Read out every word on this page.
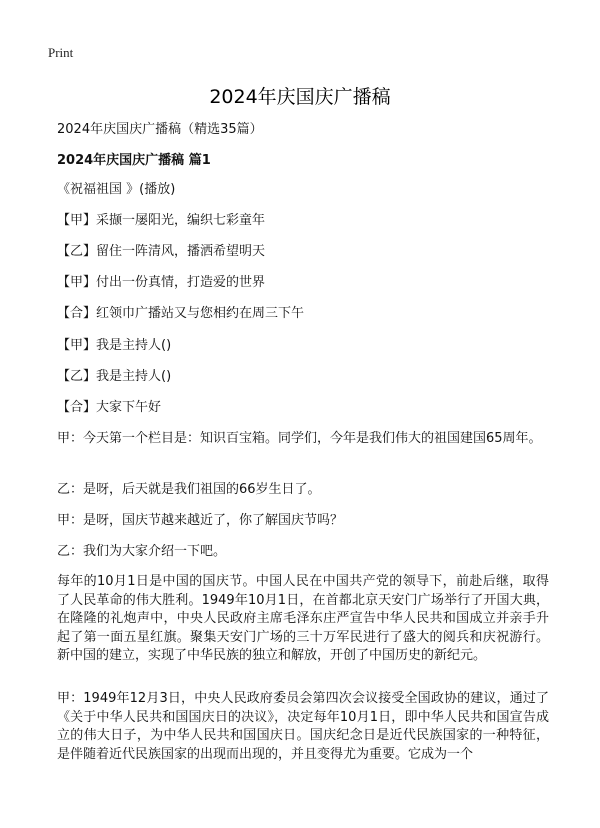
Print
2024年庆国庆广播稿
2024年庆国庆广播稿（精选35篇）
2024年庆国庆广播稿 篇1
《祝福祖国 》(播放)
【甲】采撷一屡阳光，编织七彩童年
【乙】留住一阵清风，播洒希望明天
【甲】付出一份真情，打造爱的世界
【合】红领巾广播站又与您相约在周三下午
【甲】我是主持人()
【乙】我是主持人()
【合】大家下午好

甲：今天第一个栏目是：知识百宝箱。同学们，今年是我们伟大的祖国建国65周年。

乙：是呀，后天就是我们祖国的66岁生日了。
甲：是呀，国庆节越来越近了，你了解国庆节吗？
乙：我们为大家介绍一下吧。

每年的10月1日是中国的国庆节。中国人民在中国共产党的领导下，前赴后继，取得了人民革命的伟大胜利。1949年10月1日，在首都北京天安门广场举行了开国大典，在隆隆的礼炮声中，中央人民政府主席毛泽东庄严宣告中华人民共和国成立并亲手升起了第一面五星红旗。聚集天安门广场的三十万军民进行了盛大的阅兵和庆祝游行。新中国的建立，实现了中华民族的独立和解放，开创了中国历史的新纪元。

甲：1949年12月3日，中央人民政府委员会第四次会议接受全国政协的建议，通过了《关于中华人民共和国国庆日的决议》，决定每年10月1日，即中华人民共和国宣告成立的伟大日子，为中华人民共和国国庆日。国庆纪念日是近代民族国家的一种特征，是伴随着近代民族国家的出现而出现的，并且变得尤为重要。它成为一个
